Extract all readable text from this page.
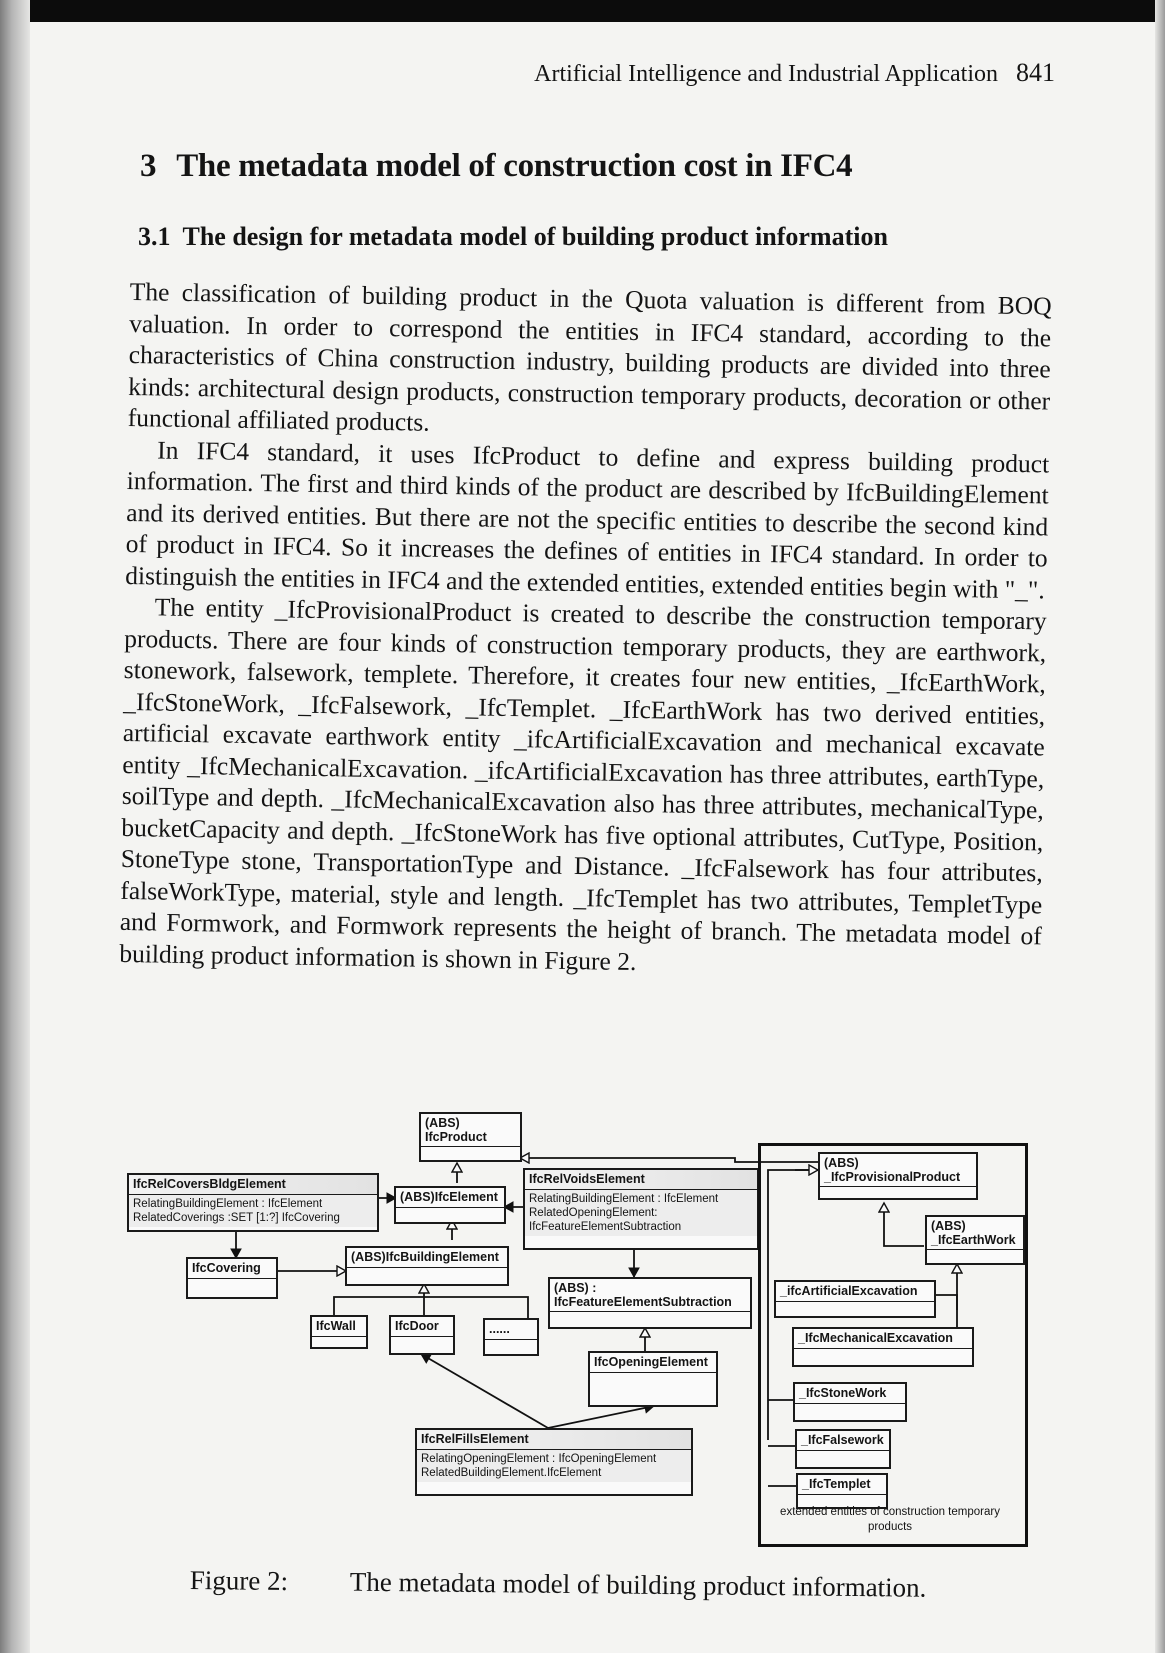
Artificial Intelligence and Industrial Application 841
3 The metadata model of construction cost in IFC4
3.1 The design for metadata model of building product information

The classification of building product in the Quota valuation is different from BOQ valuation. In order to correspond the entities in IFC4 standard, according to the characteristics of China construction industry, building products are divided into three kinds: architectural design products, construction temporary products, decoration or other functional affiliated products.

In IFC4 standard, it uses IfcProduct to define and express building product information. The first and third kinds of the product are described by IfcBuildingElement and its derived entities. But there are not the specific entities to describe the second kind of product in IFC4. So it increases the defines of entities in IFC4 standard. In order to distinguish the entities in IFC4 and the extended entities, extended entities begin with "_".

The entity _IfcProvisionalProduct is created to describe the construction temporary products. There are four kinds of construction temporary products, they are earthwork, stonework, falsework, templete. Therefore, it creates four new entities, _IfcEarthWork, _IfcStoneWork, _IfcFalsework, _IfcTemplet. _IfcEarthWork has two derived entities, artificial excavate earthwork entity _ifcArtificialExcavation and mechanical excavate entity _IfcMechanicalExcavation. _ifcArtificialExcavation has three attributes, earthType, soilType and depth. _IfcMechanicalExcavation also has three attributes, mechanicalType, bucketCapacity and depth. _IfcStoneWork has five optional attributes, CutType, Position, StoneType stone, TransportationType and Distance. _IfcFalsework has four attributes, falseWorkType, material, style and length. _IfcTemplet has two attributes, TempletType and Formwork, and Formwork represents the height of branch. The metadata model of building product information is shown in Figure 2.

(ABS)
IfcProduct
IfcRelCoversBldgElement
RelatingBuildingElement : IfcElement
RelatedCoverings :SET [1:?] IfcCovering
(ABS)IfcElement
IfcRelVoidsElement
RelatingBuildingElement : IfcElement
RelatedOpeningElement:
IfcFeatureElementSubtraction
IfcCovering
(ABS)IfcBuildingElement
(ABS) :
IfcFeatureElementSubtraction
IfcWall	IfcDoor	......
IfcOpeningElement
IfcRelFillsElement
RelatingOpeningElement : IfcOpeningElement
RelatedBuildingElement.IfcElement
(ABS)
_IfcProvisionalProduct
(ABS)
_IfcEarthWork
_ifcArtificialExcavation
_IfcMechanicalExcavation
_IfcStoneWork
_IfcFalsework
_IfcTemplet
extended entities of construction temporary products
Figure 2: The metadata model of building product information.
